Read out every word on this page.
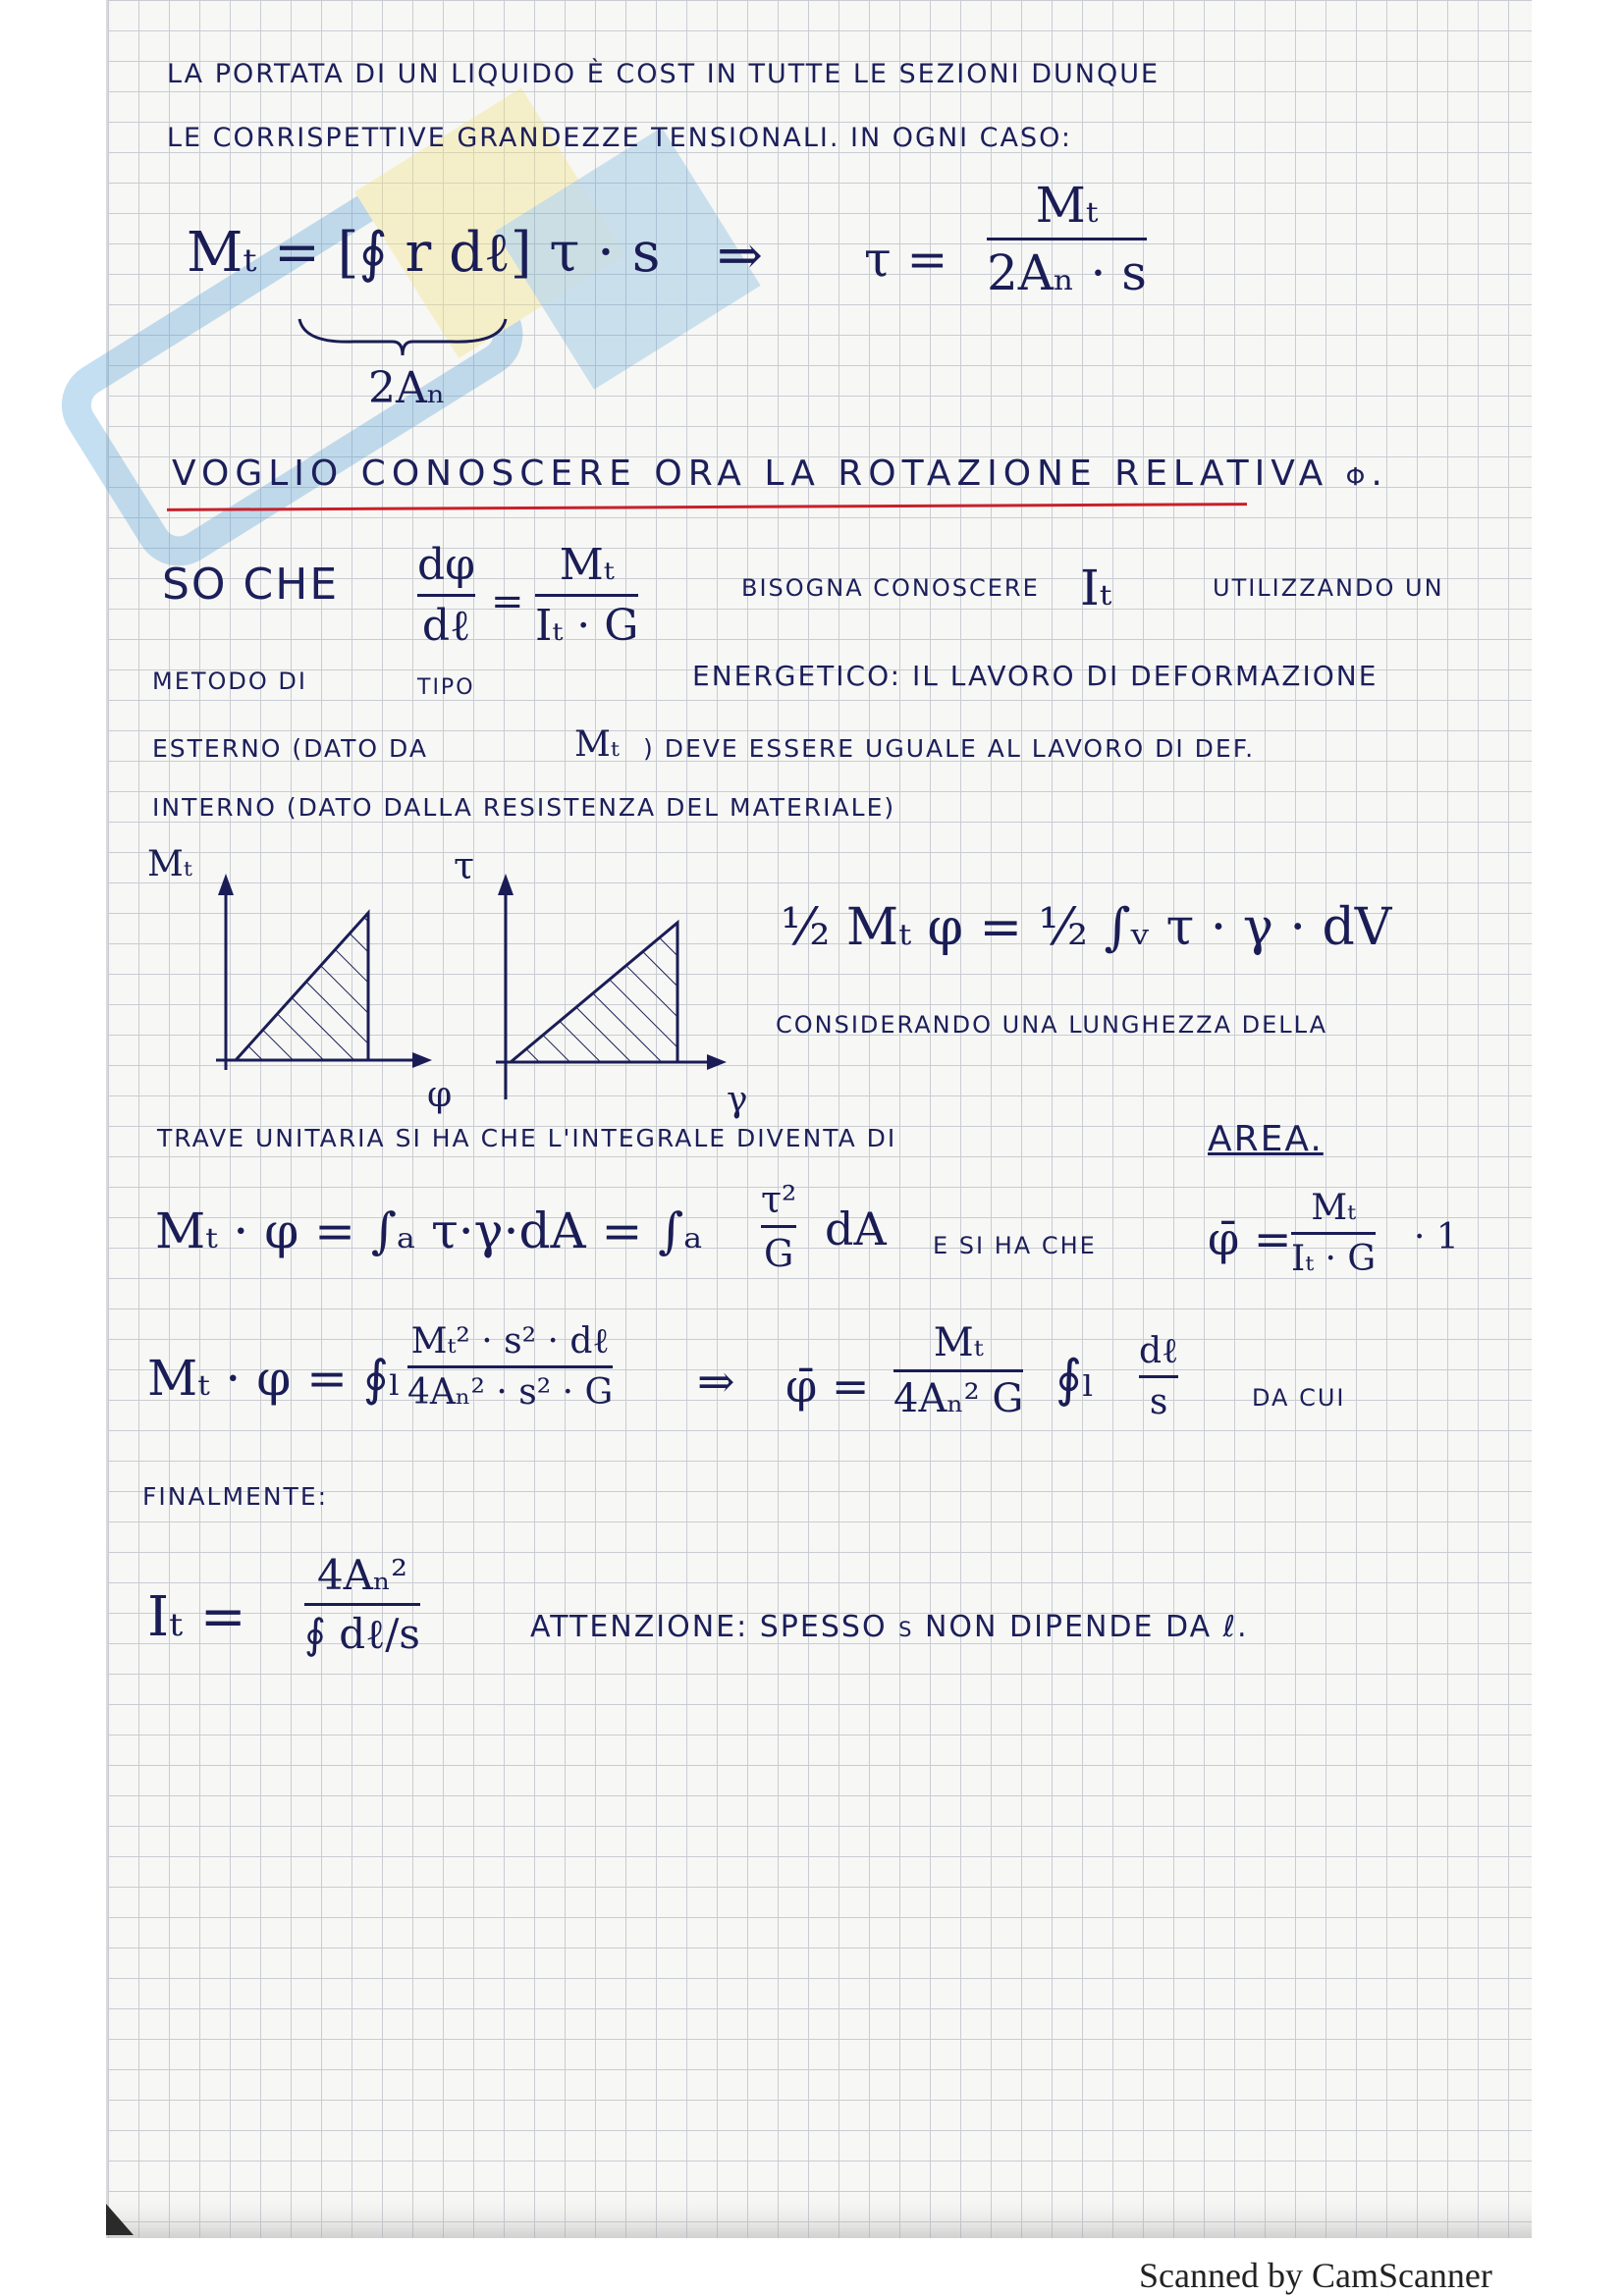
LA PORTATA DI UN LIQUIDO È COST IN TUTTE LE SEZIONI DUNQUE

LE CORRISPETTIVE GRANDEZZE TENSIONALI. IN OGNI CASO:

Mₜ = [∮ r dℓ] τ · s

2Aₙ

⇒ τ =

Mₜ
2Aₙ · s

VOGLIO CONOSCERE ORA LA ROTAZIONE RELATIVA φ.

SO CHE dφ
dℓ =

Mₜ
Iₜ · G

BISOGNA CONOSCERE Iₜ	UTILIZZANDO UN

METODO DI	TIPO	ENERGETICO: IL LAVORO DI DEFORMAZIONE

ESTERNO (DATO DA	Mₜ ) DEVE ESSERE UGUALE AL LAVORO DI DEF.

INTERNO (DATO DALLA RESISTENZA DEL MATERIALE)

Mₜ

φ

τ

γ

½ Mₜ φ = ½ ∫ᵥ τ · γ · dV

CONSIDERANDO UNA LUNGHEZZA DELLA

TRAVE UNITARIA SI HA CHE L'INTEGRALE DIVENTA DI	AREA.

Mₜ · φ = ∫ₐ τ·γ·dA = ∫ₐ

τ²
G dA E SI HA CHE φ̄ =

Mₜ
Iₜ · G

· 1

Mₜ · φ = ∮ₗ

Mₜ² · s² · dℓ
4Aₙ² · s² · G ⇒ φ̄ =

Mₜ
4Aₙ² G ∮ₗ dℓ
s	DA CUI

FINALMENTE:

Iₜ =

4Aₙ²
∮ dℓ/s	ATTENZIONE: SPESSO s NON DIPENDE DA ℓ.

Scanned by CamScanner
